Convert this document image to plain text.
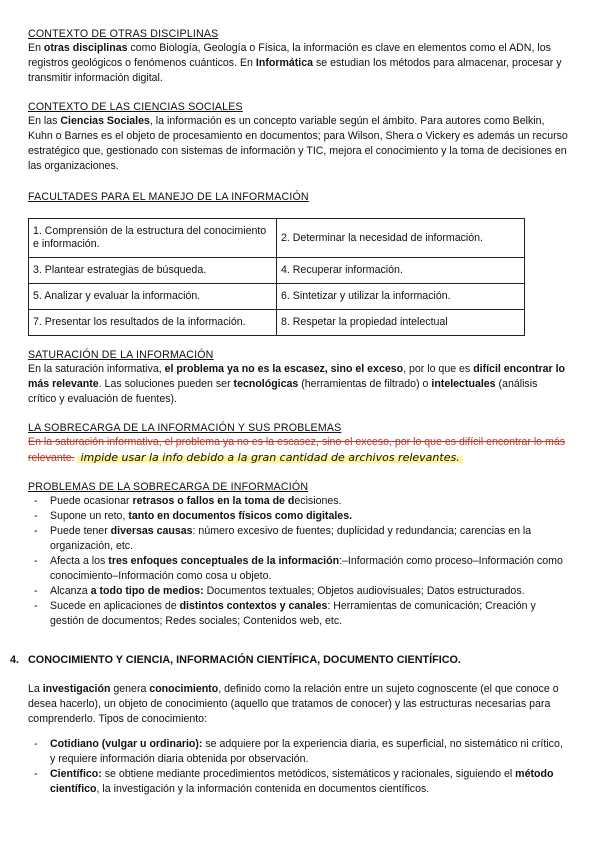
CONTEXTO DE OTRAS DISCIPLINAS

En otras disciplinas como Biología, Geología o Física, la información es clave en elementos como el ADN, los registros geológicos o fenómenos cuánticos. En Informática se estudian los métodos para almacenar, procesar y transmitir información digital.

CONTEXTO DE LAS CIENCIAS SOCIALES

En las Ciencias Sociales, la información es un concepto variable según el ámbito. Para autores como Belkin, Kuhn o Barnes es el objeto de procesamiento en documentos; para Wilson, Shera o Vickery es además un recurso estratégico que, gestionado con sistemas de información y TIC, mejora el conocimiento y la toma de decisiones en las organizaciones.

FACULTADES PARA EL MANEJO DE LA INFORMACIÓN
1. Comprensión de la estructura del conocimiento e información.	2. Determinar la necesidad de información.
3. Plantear estrategias de búsqueda.	4. Recuperar información.
5. Analizar y evaluar la información.	6. Sintetizar y utilizar la información.
7. Presentar los resultados de la información.	8. Respetar la propiedad intelectual
SATURACIÓN DE LA INFORMACIÓN

En la saturación informativa, el problema ya no es la escasez, sino el exceso, por lo que es difícil encontrar lo más relevante. Las soluciones pueden ser tecnológicas (herramientas de filtrado) o intelectuales (análisis crítico y evaluación de fuentes).

LA SOBRECARGA DE LA INFORMACIÓN Y SUS PROBLEMAS

En la saturación informativa, el problema ya no es la escasez, sino el exceso, por lo que es difícil encontrar lo más relevante. impide usar la info debido a la gran cantidad de archivos relevantes.

PROBLEMAS DE LA SOBRECARGA DE INFORMACIÓN
- Puede ocasionar retrasos o fallos en la toma de decisiones.
- Supone un reto, tanto en documentos físicos como digitales.
- Puede tener diversas causas: número excesivo de fuentes; duplicidad y redundancia; carencias en la organización, etc.
- Afecta a los tres enfoques conceptuales de la información:–Información como proceso–Información como conocimiento–Información como cosa u objeto.
- Alcanza a todo tipo de medios: Documentos textuales; Objetos audiovisuales; Datos estructurados.
- Sucede en aplicaciones de distintos contextos y canales: Herramientas de comunicación; Creación y gestión de documentos; Redes sociales; Contenidos web, etc.
4. CONOCIMIENTO Y CIENCIA, INFORMACIÓN CIENTÍFICA, DOCUMENTO CIENTÍFICO.

La investigación genera conocimiento, definido como la relación entre un sujeto cognoscente (el que conoce o desea hacerlo), un objeto de conocimiento (aquello que tratamos de conocer) y las estructuras necesarias para comprenderlo. Tipos de conocimiento:

- Cotidiano (vulgar u ordinario): se adquiere por la experiencia diaria, es superficial, no sistemático ni crítico, y requiere información diaria obtenida por observación.
- Científico: se obtiene mediante procedimientos metódicos, sistemáticos y racionales, siguiendo el método científico, la investigación y la información contenida en documentos científicos.
